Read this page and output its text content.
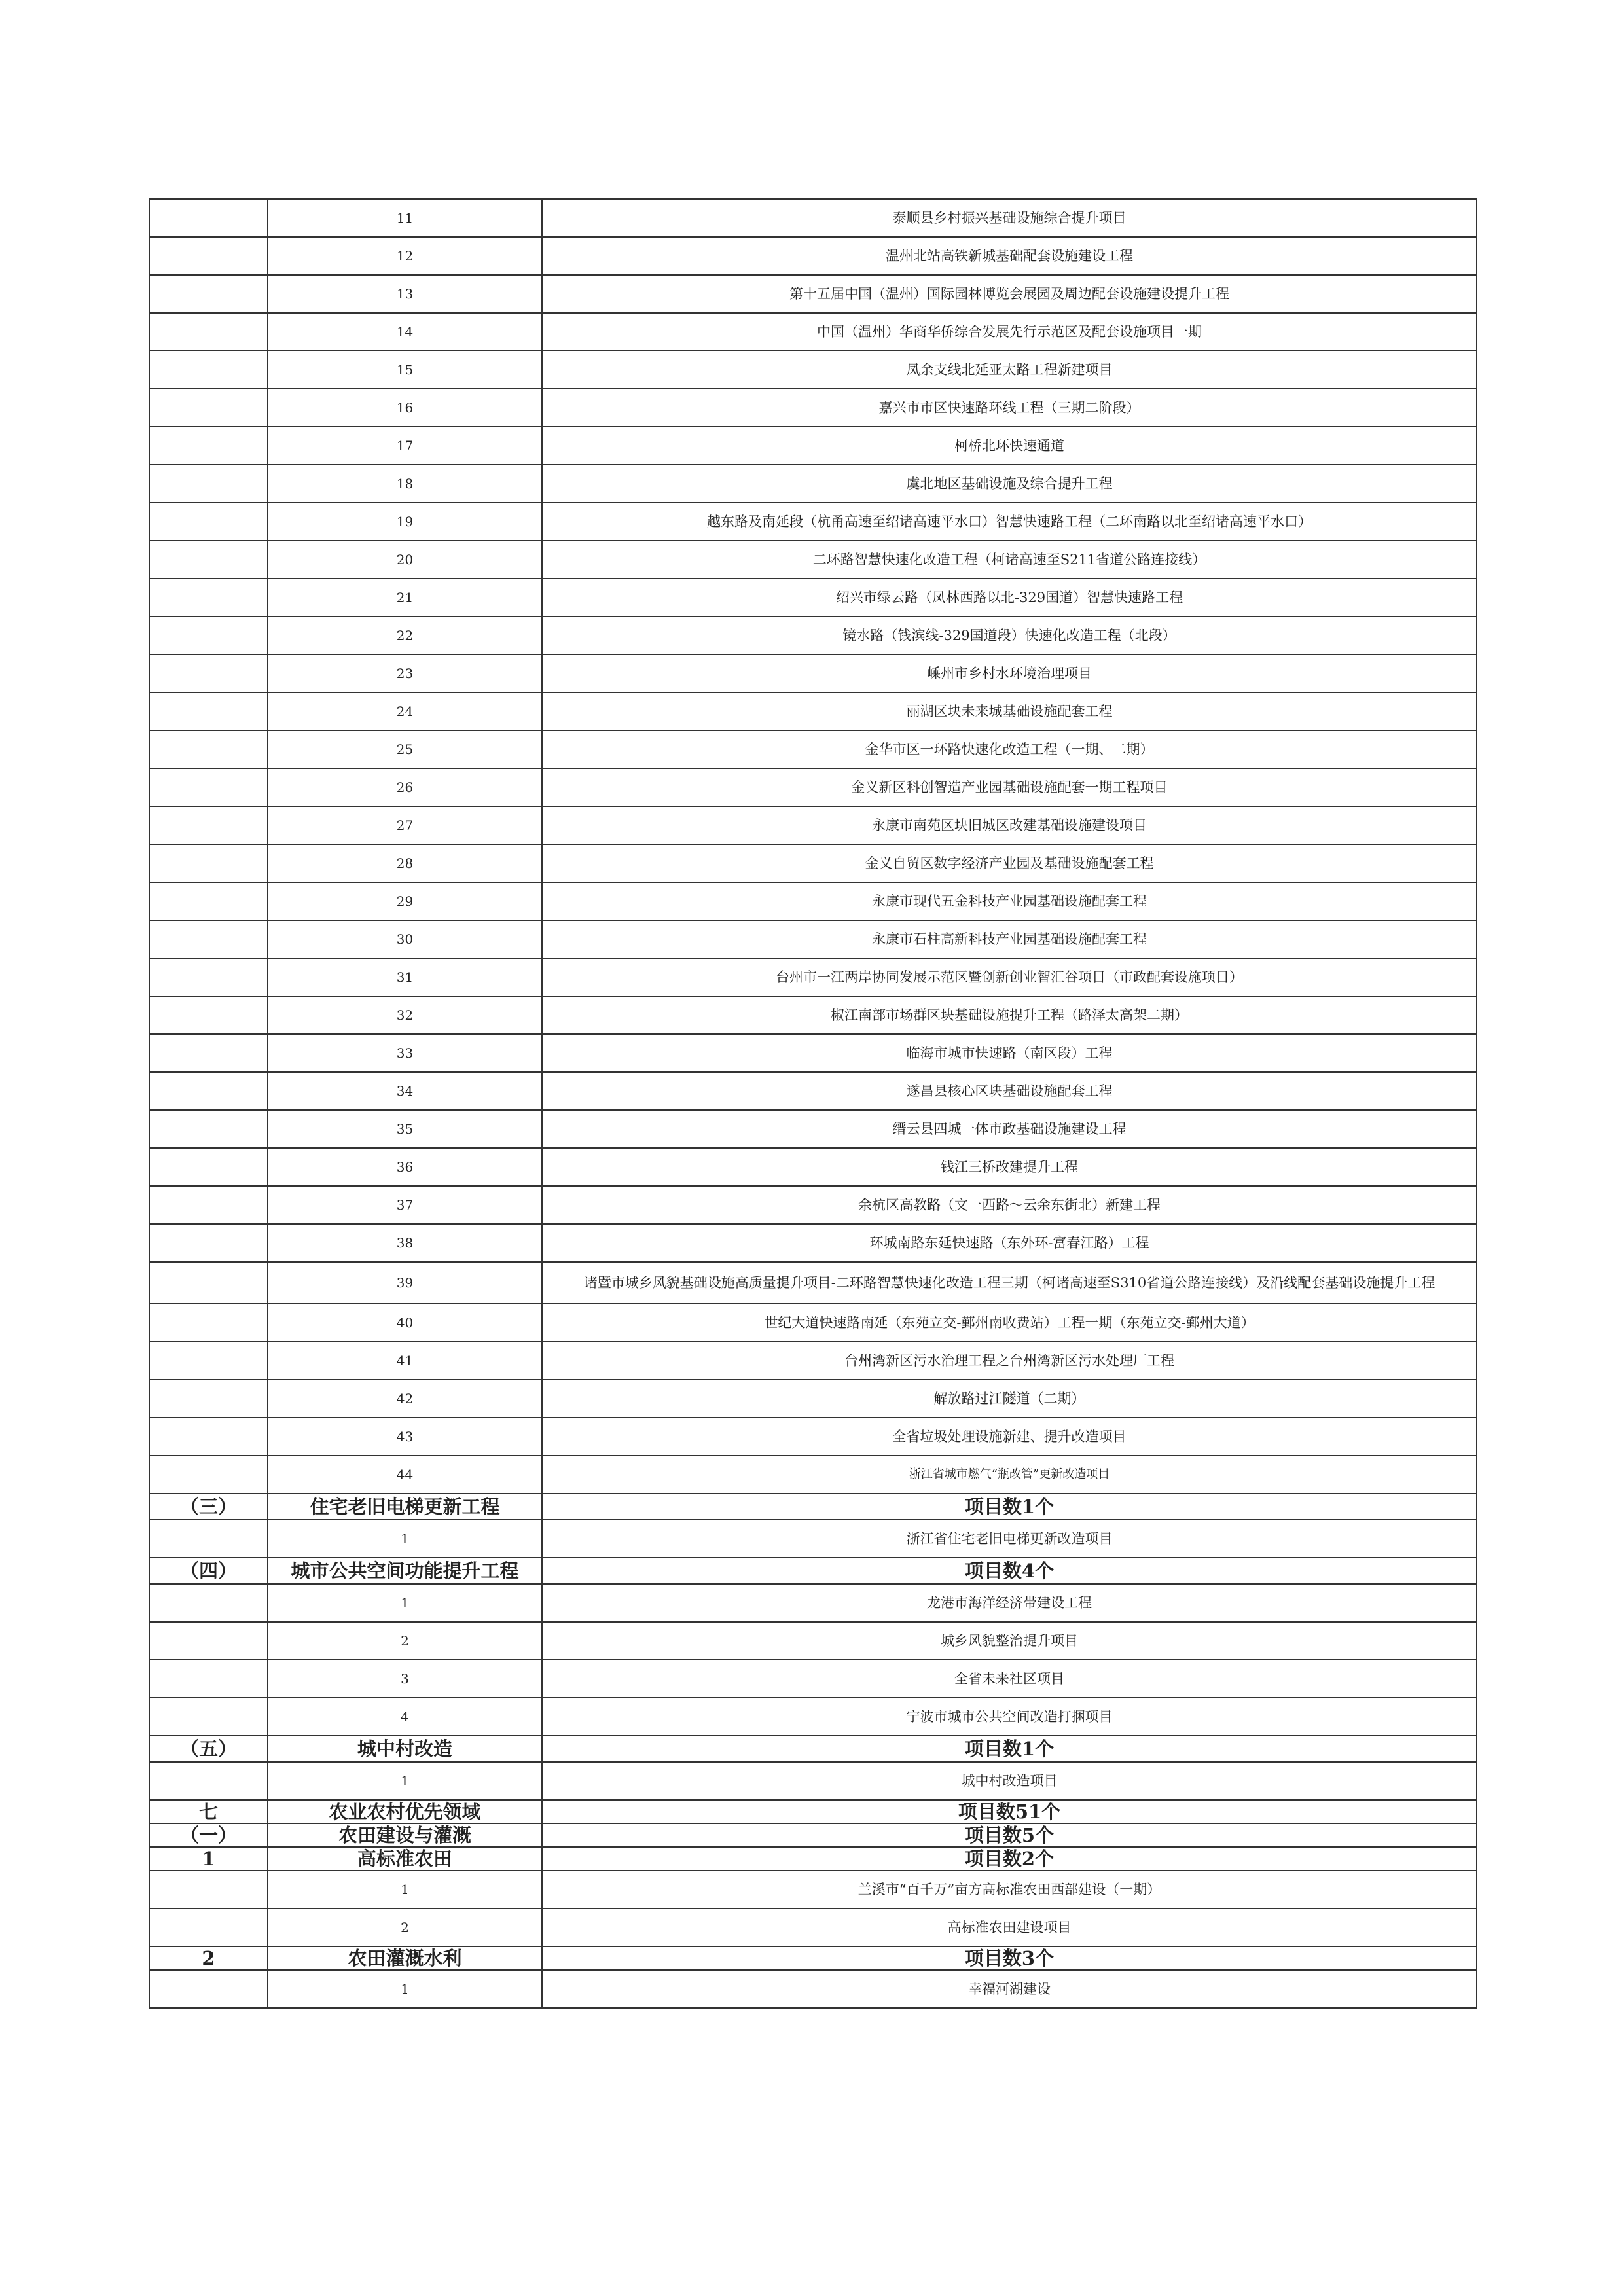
	11	泰顺县乡村振兴基础设施综合提升项目
	12	温州北站高铁新城基础配套设施建设工程
	13	第十五届中国（温州）国际园林博览会展园及周边配套设施建设提升工程
	14	中国（温州）华商华侨综合发展先行示范区及配套设施项目一期
	15	凤余支线北延亚太路工程新建项目
	16	嘉兴市市区快速路环线工程（三期二阶段）
	17	柯桥北环快速通道
	18	虞北地区基础设施及综合提升工程
	19	越东路及南延段（杭甬高速至绍诸高速平水口）智慧快速路工程（二环南路以北至绍诸高速平水口）
	20	二环路智慧快速化改造工程（柯诸高速至S211省道公路连接线）
	21	绍兴市绿云路（凤林西路以北-329国道）智慧快速路工程
	22	镜水路（钱滨线-329国道段）快速化改造工程（北段）
	23	嵊州市乡村水环境治理项目
	24	丽湖区块未来城基础设施配套工程
	25	金华市区一环路快速化改造工程（一期、二期）
	26	金义新区科创智造产业园基础设施配套一期工程项目
	27	永康市南苑区块旧城区改建基础设施建设项目
	28	金义自贸区数字经济产业园及基础设施配套工程
	29	永康市现代五金科技产业园基础设施配套工程
	30	永康市石柱高新科技产业园基础设施配套工程
	31	台州市一江两岸协同发展示范区暨创新创业智汇谷项目（市政配套设施项目）
	32	椒江南部市场群区块基础设施提升工程（路泽太高架二期）
	33	临海市城市快速路（南区段）工程
	34	遂昌县核心区块基础设施配套工程
	35	缙云县四城一体市政基础设施建设工程
	36	钱江三桥改建提升工程
	37	余杭区高教路（文一西路～云余东街北）新建工程
	38	环城南路东延快速路（东外环-富春江路）工程
	39	诸暨市城乡风貌基础设施高质量提升项目-二环路智慧快速化改造工程三期（柯诸高速至S310省道公路连接线）及沿线配套基础设施提升工程
	40	世纪大道快速路南延（东苑立交-鄞州南收费站）工程一期（东苑立交-鄞州大道）
	41	台州湾新区污水治理工程之台州湾新区污水处理厂工程
	42	解放路过江隧道（二期）
	43	全省垃圾处理设施新建、提升改造项目
	44	浙江省城市燃气“瓶改管”更新改造项目
（三）	住宅老旧电梯更新工程	项目数1个
	1	浙江省住宅老旧电梯更新改造项目
（四）	城市公共空间功能提升工程	项目数4个
	1	龙港市海洋经济带建设工程
	2	城乡风貌整治提升项目
	3	全省未来社区项目
	4	宁波市城市公共空间改造打捆项目
（五）	城中村改造	项目数1个
	1	城中村改造项目
七	农业农村优先领域	项目数51个
（一）	农田建设与灌溉	项目数5个
1	高标准农田	项目数2个
	1	兰溪市“百千万”亩方高标准农田西部建设（一期）
	2	高标准农田建设项目
2	农田灌溉水利	项目数3个
	1	幸福河湖建设
